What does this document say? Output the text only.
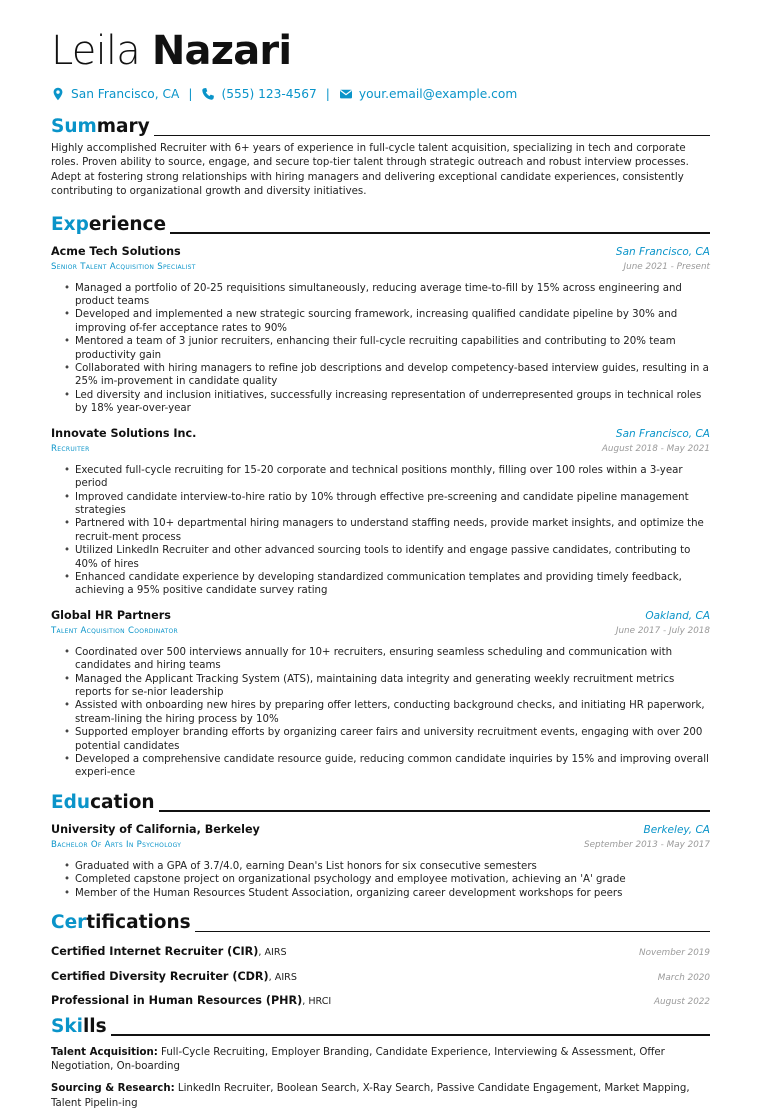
Leila Nazari
San Francisco, CA | (555) 123-4567 | your.email@example.com
Summary

Highly accomplished Recruiter with 6+ years of experience in full-cycle talent acquisition, specializing in tech and corporate roles. Proven ability to source, engage, and secure top-tier talent through strategic outreach and robust interview processes. Adept at fostering strong relationships with hiring managers and delivering exceptional candidate experiences, consistently contributing to organizational growth and diversity initiatives.

Experience
Acme Tech Solutions	San Francisco, CA
Senior Talent Acquisition Specialist	June 2021 - Present
• Managed a portfolio of 20-25 requisitions simultaneously, reducing average time-to-fill by 15% across engineering and product teams
• Developed and implemented a new strategic sourcing framework, increasing qualified candidate pipeline by 30% and improving of-fer acceptance rates to 90%
• Mentored a team of 3 junior recruiters, enhancing their full-cycle recruiting capabilities and contributing to 20% team productivity gain
• Collaborated with hiring managers to refine job descriptions and develop competency-based interview guides, resulting in a 25% im-provement in candidate quality
• Led diversity and inclusion initiatives, successfully increasing representation of underrepresented groups in technical roles by 18% year-over-year
Innovate Solutions Inc.	San Francisco, CA
Recruiter	August 2018 - May 2021
• Executed full-cycle recruiting for 15-20 corporate and technical positions monthly, filling over 100 roles within a 3-year period
• Improved candidate interview-to-hire ratio by 10% through effective pre-screening and candidate pipeline management strategies
• Partnered with 10+ departmental hiring managers to understand staffing needs, provide market insights, and optimize the recruit-ment process
• Utilized LinkedIn Recruiter and other advanced sourcing tools to identify and engage passive candidates, contributing to 40% of hires
• Enhanced candidate experience by developing standardized communication templates and providing timely feedback, achieving a 95% positive candidate survey rating
Global HR Partners	Oakland, CA
Talent Acquisition Coordinator	June 2017 - July 2018
• Coordinated over 500 interviews annually for 10+ recruiters, ensuring seamless scheduling and communication with candidates and hiring teams
• Managed the Applicant Tracking System (ATS), maintaining data integrity and generating weekly recruitment metrics reports for se-nior leadership
• Assisted with onboarding new hires by preparing offer letters, conducting background checks, and initiating HR paperwork, stream-lining the hiring process by 10%
• Supported employer branding efforts by organizing career fairs and university recruitment events, engaging with over 200 potential candidates
• Developed a comprehensive candidate resource guide, reducing common candidate inquiries by 15% and improving overall experi-ence
Education
University of California, Berkeley	Berkeley, CA
Bachelor Of Arts In Psychology	September 2013 - May 2017
• Graduated with a GPA of 3.7/4.0, earning Dean's List honors for six consecutive semesters
• Completed capstone project on organizational psychology and employee motivation, achieving an 'A' grade
• Member of the Human Resources Student Association, organizing career development workshops for peers
Certifications
Certified Internet Recruiter (CIR), AIRS	November 2019
Certified Diversity Recruiter (CDR), AIRS	March 2020
Professional in Human Resources (PHR), HRCI	August 2022
Skills

Talent Acquisition: Full-Cycle Recruiting, Employer Branding, Candidate Experience, Interviewing & Assessment, Offer Negotiation, On-boarding

Sourcing & Research: LinkedIn Recruiter, Boolean Search, X-Ray Search, Passive Candidate Engagement, Market Mapping, Talent Pipelin-ing
